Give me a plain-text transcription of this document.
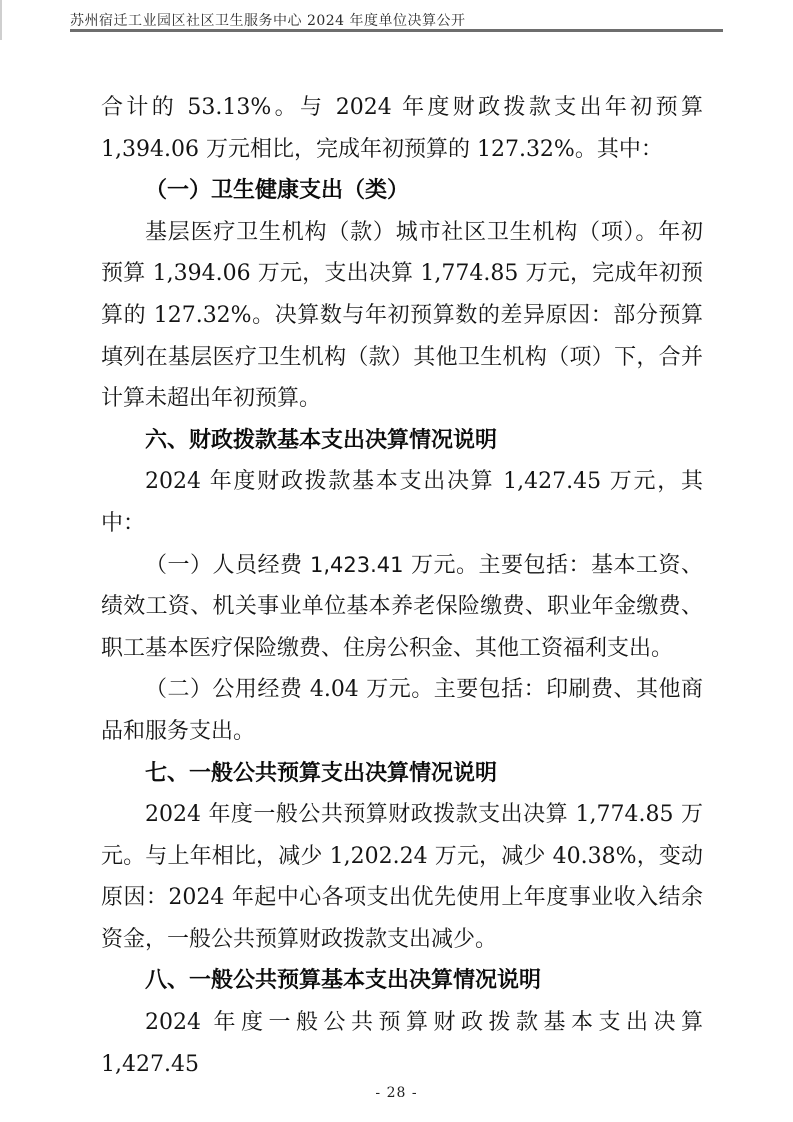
苏州宿迁工业园区社区卫生服务中心 2024 年度单位决算公开

合计的 53.13%。与 2024 年度财政拨款支出年初预算 1,394.06 万元相比，完成年初预算的 127.32%。其中：

（一）卫生健康支出（类）

基层医疗卫生机构（款）城市社区卫生机构（项）。年初预算 1,394.06 万元，支出决算 1,774.85 万元，完成年初预算的 127.32%。决算数与年初预算数的差异原因：部分预算填列在基层医疗卫生机构（款）其他卫生机构（项）下，合并计算未超出年初预算。

六、财政拨款基本支出决算情况说明

2024 年度财政拨款基本支出决算 1,427.45 万元，其中：

（一）人员经费 1,423.41 万元。主要包括：基本工资、绩效工资、机关事业单位基本养老保险缴费、职业年金缴费、职工基本医疗保险缴费、住房公积金、其他工资福利支出。

（二）公用经费 4.04 万元。主要包括：印刷费、其他商品和服务支出。

七、一般公共预算支出决算情况说明

2024 年度一般公共预算财政拨款支出决算 1,774.85 万元。与上年相比，减少 1,202.24 万元，减少 40.38%，变动原因：2024 年起中心各项支出优先使用上年度事业收入结余资金，一般公共预算财政拨款支出减少。

八、一般公共预算基本支出决算情况说明

2024 年度一般公共预算财政拨款基本支出决算 1,427.45

- 28 -
